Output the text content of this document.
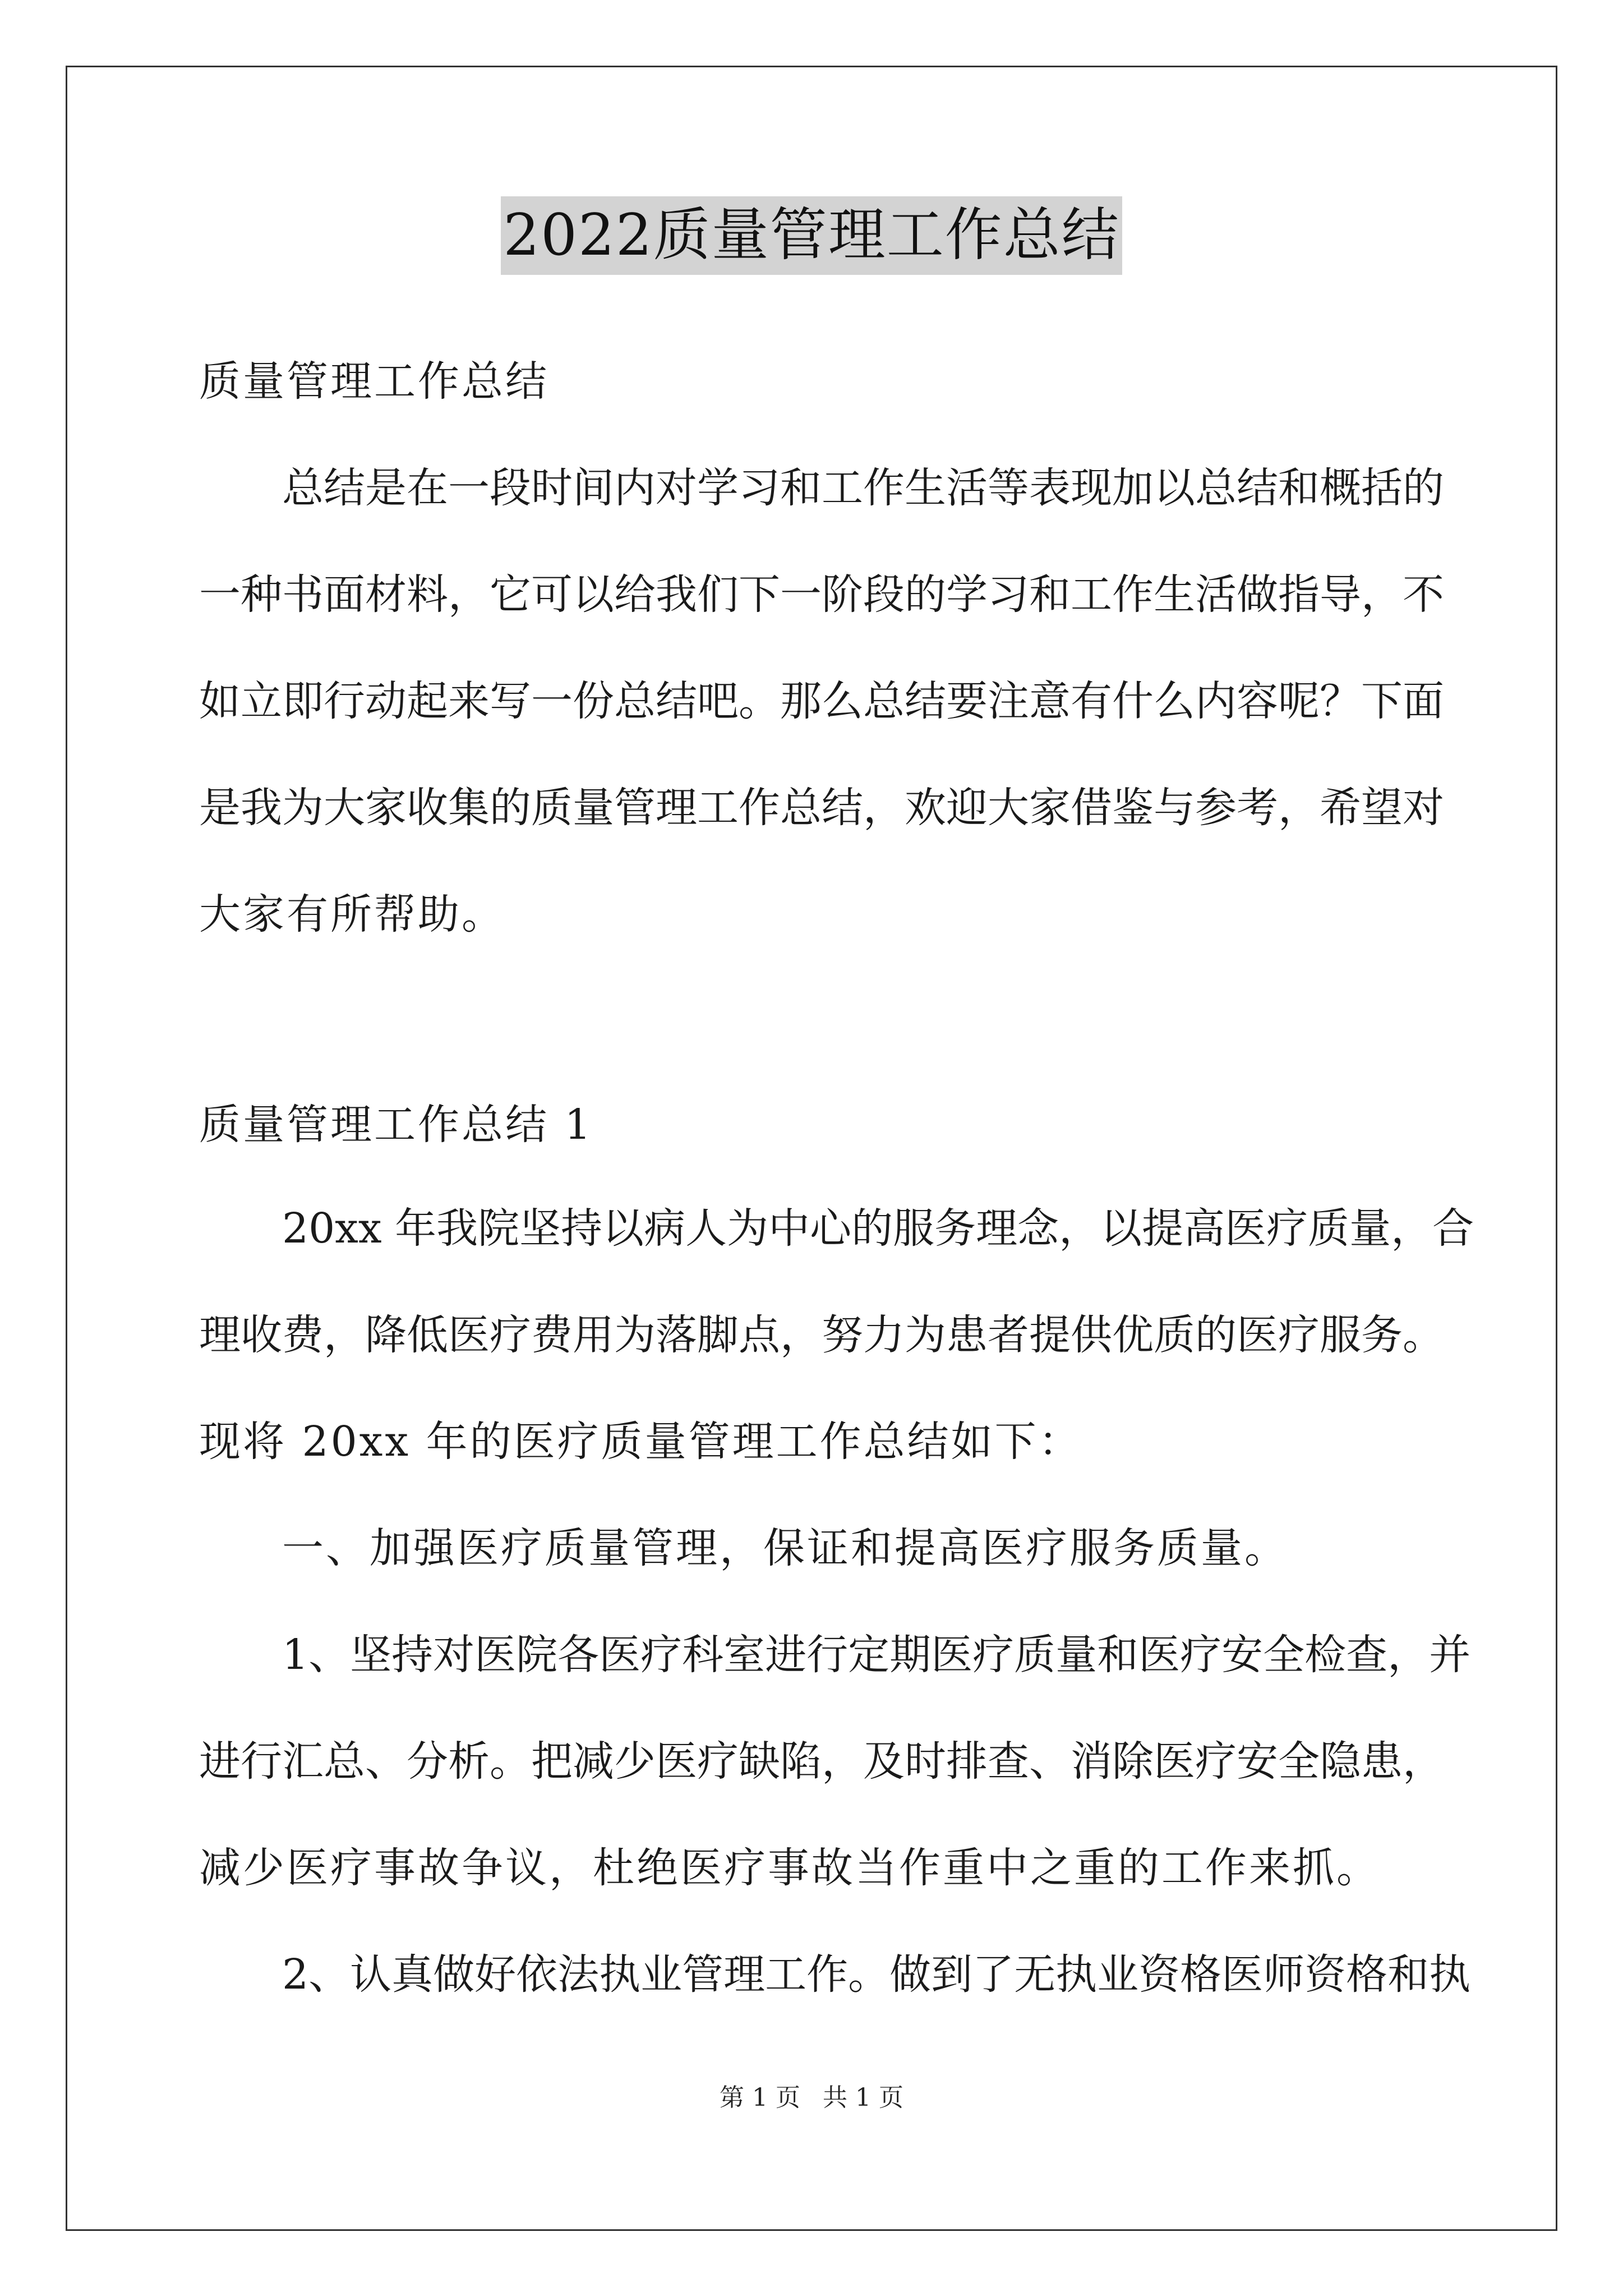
2022质量管理工作总结
质量管理工作总结
总结是在一段时间内对学习和工作生活等表现加以总结和概括的
一种书面材料，它可以给我们下一阶段的学习和工作生活做指导，不
如立即行动起来写一份总结吧。那么总结要注意有什么内容呢？下面
是我为大家收集的质量管理工作总结，欢迎大家借鉴与参考，希望对
大家有所帮助。
质量管理工作总结 1
20xx 年我院坚持以病人为中心的服务理念，以提高医疗质量，合
理收费，降低医疗费用为落脚点，努力为患者提供优质的医疗服务。
现将 20xx 年的医疗质量管理工作总结如下：
一、加强医疗质量管理，保证和提高医疗服务质量。
1、坚持对医院各医疗科室进行定期医疗质量和医疗安全检查，并
进行汇总、分析。把减少医疗缺陷，及时排查、消除医疗安全隐患，
减少医疗事故争议，杜绝医疗事故当作重中之重的工作来抓。
2、认真做好依法执业管理工作。做到了无执业资格医师资格和执
第 1 页 共 1 页
